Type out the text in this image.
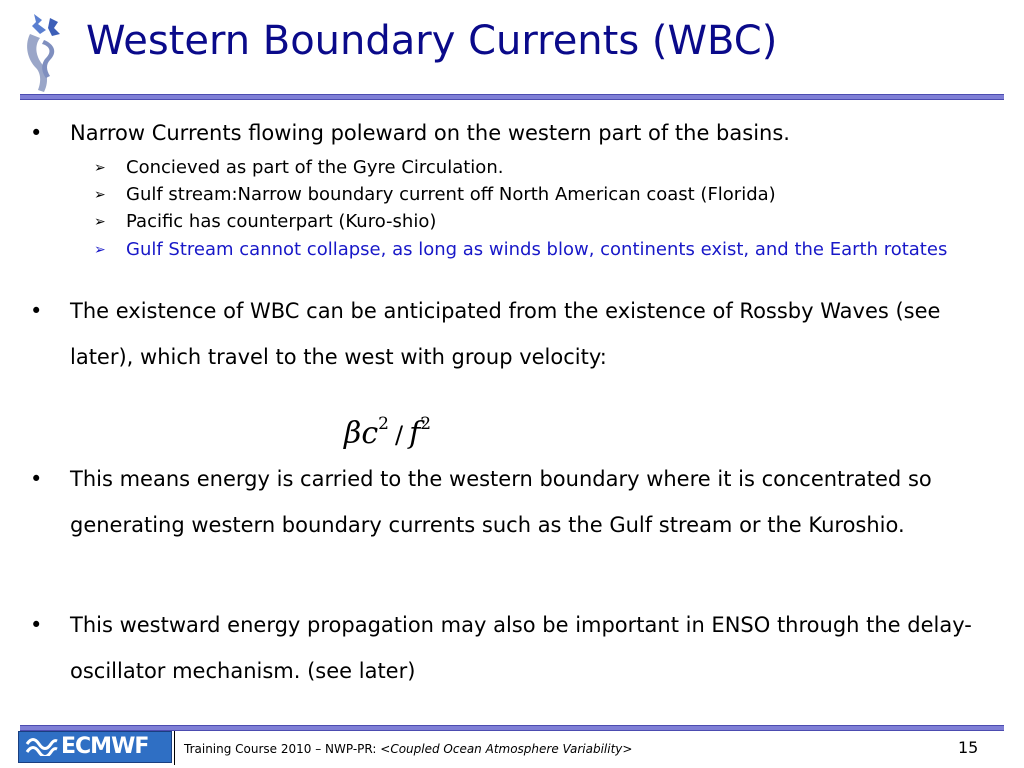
Western Boundary Currents (WBC)
• Narrow Currents flowing poleward on the western part of the basins.
➢ Concieved as part of the Gyre Circulation.
➢ Gulf stream:Narrow boundary current off North American coast (Florida)
➢ Pacific has counterpart (Kuro-shio)
➢ Gulf Stream cannot collapse, as long as winds blow, continents exist, and the Earth rotates
• The existence of WBC can be anticipated from the existence of Rossby Waves (see later), which travel to the west with group velocity:
$\beta c^2 / f^2$
• This means energy is carried to the western boundary where it is concentrated so generating western boundary currents such as the Gulf stream or the Kuroshio.
• This westward energy propagation may also be important in ENSO through the delay-oscillator mechanism. (see later)
ECMWF	Training Course 2010 – NWP-PR: <Coupled Ocean Atmosphere Variability>	15
